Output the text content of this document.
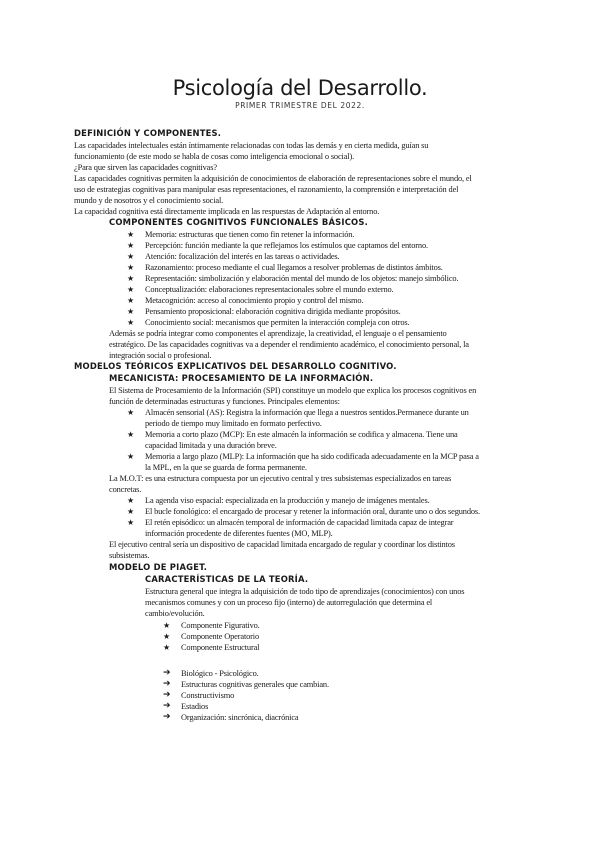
Psicología del Desarrollo.
PRIMER TRIMESTRE DEL 2022.
DEFINICIÓN Y COMPONENTES.
Las capacidades intelectuales están íntimamente relacionadas con todas las demás y en cierta medida, guían su
funcionamiento (de este modo se habla de cosas como inteligencia emocional o social).
¿Para que sirven las capacidades cognitivas?
Las capacidades cognitivas permiten la adquisición de conocimientos de elaboración de representaciones sobre el mundo, el
uso de estrategias cognitivas para manipular esas representaciones, el razonamiento, la comprensión e interpretación del
mundo y de nosotros y el conocimiento social.
La capacidad cognitiva está directamente implicada en las respuestas de Adaptación al entorno.
COMPONENTES COGNITIVOS FUNCIONALES BÁSICOS.
★ Memoria: estructuras que tienen como fin retener la información.
★ Percepción: función mediante la que reflejamos los estímulos que captamos del entorno.
★ Atención: focalización del interés en las tareas o actividades.
★ Razonamiento: proceso mediante el cual llegamos a resolver problemas de distintos ámbitos.
★ Representación: simbolización y elaboración mental del mundo de los objetos: manejo simbólico.
★ Conceptualización: elaboraciones representacionales sobre el mundo externo.
★ Metacognición: acceso al conocimiento propio y control del mismo.
★ Pensamiento proposicional: elaboración cognitiva dirigida mediante propósitos.
★ Conocimiento social: mecanismos que permiten la interacción compleja con otros.
Además se podría integrar como componentes el aprendizaje, la creatividad, el lenguaje o el pensamiento
estratégico. De las capacidades cognitivas va a depender el rendimiento académico, el conocimiento personal, la
integración social o profesional.
MODELOS TEÓRICOS EXPLICATIVOS DEL DESARROLLO COGNITIVO.
MECANICISTA: PROCESAMIENTO DE LA INFORMACIÓN.
El Sistema de Procesamiento de la Información (SPI) constituye un modelo que explica los procesos cognitivos en
función de determinadas estructuras y funciones. Principales elementos:
★ Almacén sensorial (AS): Registra la información que llega a nuestros sentidos.Permanece durante un
periodo de tiempo muy limitado en formato perfectivo.
★ Memoria a corto plazo (MCP): En este almacén la información se codifica y almacena. Tiene una
capacidad limitada y una duración breve.
★ Memoria a largo plazo (MLP): La información que ha sido codificada adecuadamente en la MCP pasa a
la MPL, en la que se guarda de forma permanente.
La M.O.T: es una estructura compuesta por un ejecutivo central y tres subsistemas especializados en tareas
concretas.
★ La agenda viso espacial: especializada en la producción y manejo de imágenes mentales.
★ El bucle fonológico: el encargado de procesar y retener la información oral, durante uno o dos segundos.
★ El retén episódico: un almacén temporal de información de capacidad limitada capaz de integrar
información procedente de diferentes fuentes (MO, MLP).
El ejecutivo central sería un dispositivo de capacidad limitada encargado de regular y coordinar los distintos
subsistemas.
MODELO DE PIAGET.
CARACTERÍSTICAS DE LA TEORÍA.
Estructura general que integra la adquisición de todo tipo de aprendizajes (conocimientos) con unos
mecanismos comunes y con un proceso fijo (interno) de autorregulación que determina el
cambio/evolución.
★ Componente Figurativo.
★ Componente Operatorio
★ Componente Estructural
➔ Biológico - Psicológico.
➔ Estructuras cognitivas generales que cambian.
➔ Constructivismo
➔ Estadios
➔ Organización: sincrónica, diacrónica
